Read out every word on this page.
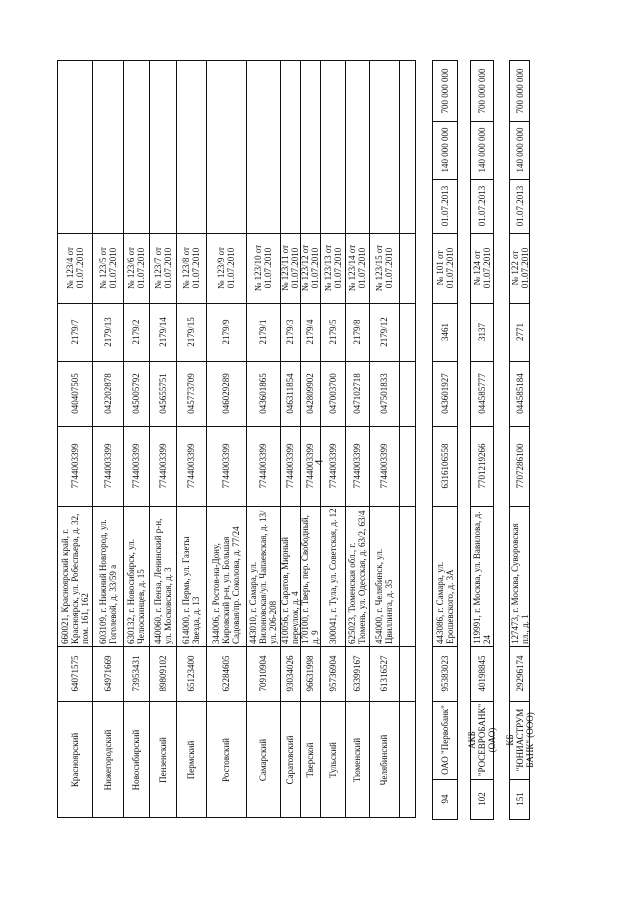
4
Красноярский
64071575
660021, Красноярский край, г. Красноярск, ул. Робеспьера, д. 32, пом. 161, 162
7744003399
040407505
2179/7
№ 123/4 от 01.07.2010
Нижегородский
64971669
603109, г. Нижний Новгород, ул. Гоголевой, д. 33/59 а
7744003399
042202878
2179/13
№ 123/5 от 01.07.2010
Новосибирский
73953431
630132, г. Новосибирск, ул. Челюскинцев, д. 15
7744003399
045005792
2179/2
№ 123/6 от 01.07.2010
Пензенский
89809102
440060, г. Пенза, Ленинский р-н, ул. Московская, д. 3
7744003399
045655751
2179/14
№ 123/7 от 01.07.2010
Пермский
65123400
614000, г. Пермь, ул. Газеты Звезда, д. 13
7744003399
045773709
2179/15
№ 123/8 от 01.07.2010
Ростовский
62284605
344006, г. Ростов-на-Дону, Кировский р-н, ул. Большая Садовая/пр. Соколова, д. 77/24
7744003399
046029289
2179/9
№ 123/9 от 01.07.2010
Самарский
70910904
443010, г. Самара, ул. Вилоновская/ул. Чапаевская, д. 13/ул. 206-208
7744003399
043601865
2179/1
№ 123/10 от 01.07.2010
Саратовский
93034026
410056, г. Саратов, Мирный переулок, д. 4
7744003399
046311854
2179/3
№ 123/11 от 01.07.2010
Тверской
96631998
170100, г. Тверь, пер. Свободный, д. 9
7744003399
042809902
2179/4
№ 123/12 от 01.07.2010
Тульский
95736904
300041, г. Тула, ул. Советская, д. 12
7744003399
047003700
2179/5
№ 123/13 от 01.07.2010
Тюменский
63399167
625023, Тюменская обл., г. Тюмень, ул. Одесская, д. 63/2, 63/4
7744003399
047102718
2179/8
№ 123/14 от 01.07.2010
Челябинский
61316527
454000, г. Челябинск, ул. Цвиллинга, д. 35
7744003399
047501833
2179/12
№ 123/15 от 01.07.2010
94
ОАО "Первобанк"
95383023
443086, г. Самара, ул. Ерошевского, д. 3А
6316106558
043601927
3461
№ 101 от 01.07.2010
01.07.2013
140 000 000
700 000 000
102
АКБ "РОСЕВРОБАНК" (ОАО)
40198845
119991, г. Москва, ул. Вавилова, д. 24
7701219266
044585777
3137
№ 124 от 01.07.2010
01.07.2013
140 000 000
700 000 000
151
КБ "ЮНИАСТРУМ БАНК" (ООО)
29296174
127473, г. Москва, Суворовская пл., д. 1
7707286100
044585184
2771
№ 122 от 01.07.2010
01.07.2013
140 000 000
700 000 000
